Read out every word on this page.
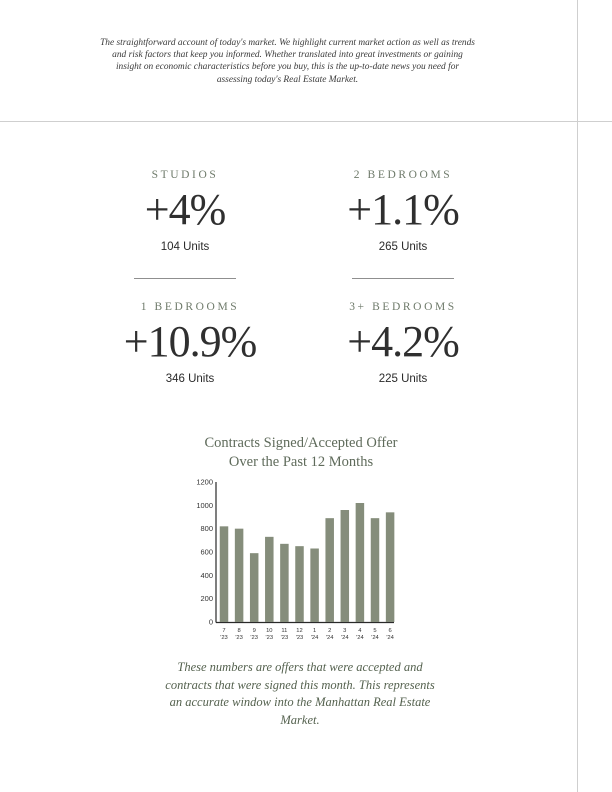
The straightforward account of today's market. We highlight current market action as well as trends and risk factors that keep you informed. Whether translated into great investments or gaining insight on economic characteristics before you buy, this is the up-to-date news you need for assessing today's Real Estate Market.
STUDIOS
+4%
104 Units
2 BEDROOMS
+1.1%
265 Units
1 BEDROOMS
+10.9%
346 Units
3+ BEDROOMS
+4.2%
225 Units
Contracts Signed/Accepted Offer
Over the Past 12 Months
0
200
400
600
800
1000
1200
7
'23
8
'23
9
'23
10
'23
11
'23
12
'23
1
'24
2
'24
3
'24
4
'24
5
'24
6
'24
These numbers are offers that were accepted and contracts that were signed this month. This represents an accurate window into the Manhattan Real Estate Market.
